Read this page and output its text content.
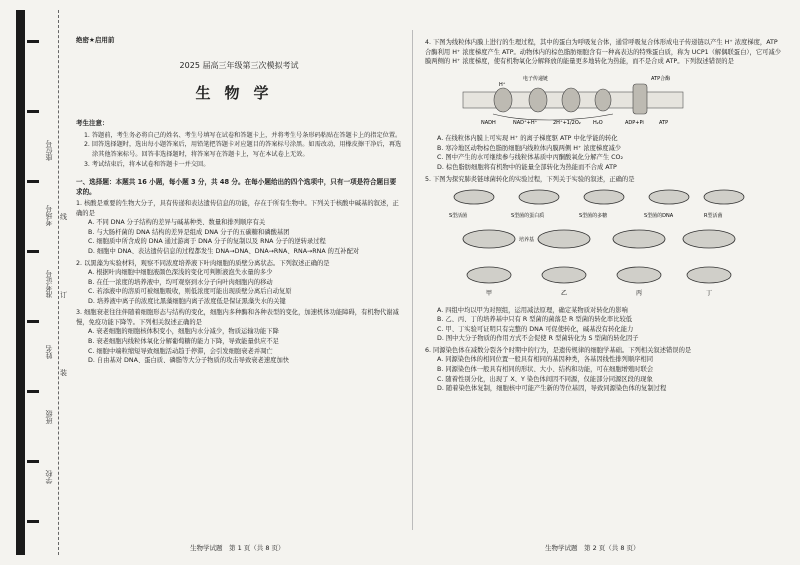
座位号
考场号
准考证号
姓名
班级
学校
线
订
装
绝密★启用前
2025 届高三年级第三次模拟考试
生物学
考生注意：

1. 答题前，考生务必将自己的姓名、考生号填写在试卷和答题卡上，并将考生号条形码粘贴在答题卡上的指定位置。

2. 回答选择题时，选出每小题答案后，用铅笔把答题卡对应题目的答案标号涂黑。如需改动，用橡皮擦干净后，再选涂其他答案标号。回答非选择题时，将答案写在答题卡上，写在本试卷上无效。

3. 考试结束后，将本试卷和答题卡一并交回。

一、选择题：本题共 16 小题，每小题 3 分，共 48 分。在每小题给出的四个选项中，只有一项是符合题目要求的。
1. 核酸是重要的生物大分子，具有传递和表达遗传信息的功能，存在于所有生物中。下列关于核酸中碱基的叙述，正确的是
A. 不同 DNA 分子结构的差异与碱基种类、数量和排列顺序有关
B. 与大肠杆菌的 DNA 结构的差异是组成 DNA 分子的五碳糖和磷酸基团
C. 细胞质中所含成的 DNA 通过游离于 DNA 分子的复制以及 RNA 分子的逆转录过程
D. 细胞中 DNA、表达遗传信息的过程都发生 DNA→DNA、DNA→RNA、RNA→RNA 的互补配对
2. 以黑藻为实验材料，观察不同浓度培养液下叶肉细胞的质壁分离状态。下列叙述正确的是
A. 根据叶肉细胞中细胞液颜色深浅的变化可判断液泡失水量的多少
B. 在任一浓度的培养液中，均可观察到水分子向叶肉细胞内的移动
C. 若添液中的溶质可被细胞吸收，则低浓度可能出现质壁分离后自动复原
D. 培养液中离子的浓度比黑藻细胞内离子浓度低是保证黑藻失水的关键
3. 细胞衰老往往伴随着细胞形态与结构的变化，细胞内多种酶和各种表型的变化，加速机体功能障碍，有机物代谢减慢，免疫功能下降等。下列相关叙述正确的是
A. 衰老细胞的细胞核体积变小，细胞内水分减少，物质运输功能下降
B. 衰老细胞内线粒体氧化分解葡萄糖的能力下降，导致能量供应不足
C. 细胞中端粒缩短导致细胞活动趋于停滞，会引发细胞衰老并凋亡
D. 自由基对 DNA、蛋白质、磷脂等大分子物质的攻击导致衰老速度加快
4. 下图为线粒体内膜上进行的生理过程，其中的蛋白为呼吸复合体，通常呼吸复合体形成电子传递链以产生 H⁺ 浓度梯度，ATP 合酶利用 H⁺ 浓度梯度产生 ATP。动物体内的棕色脂肪细胞含有一种高表达的特殊蛋白质，称为 UCP1（解偶联蛋白），它可减少膜两侧的 H⁺ 浓度梯度，使有机物氧化分解释放的能量更多地转化为热能，而不是合成 ATP。下列叙述错误的是
NADH	NAD⁺+H⁺	2H⁺+1/2O₂ H₂O	ADP+Pi	ATP
电子传递链	ATP合酶
H⁺
A. 在线粒体内膜上可实现 H⁺ 的离子梯度驱 ATP 中化学能的转化
B. 寒冷地区动物棕色脂肪细胞内线粒体内膜两侧 H⁺ 浓度梯度减少
C. 图中产生的水可继续参与线粒体基质中丙酮酸氧化分解产生 CO₂
D. 棕色脂肪细胞将有机物中的能量全部转化为热能而不合成 ATP
5. 下图为探究肺炎链球菌转化的实验过程，下列关于实验的叙述，正确的是
S型活菌	S型菌的蛋白质	S型菌的多糖	S型菌的DNA	R型活菌
培养基
甲	乙	丙	丁
A. 四组中均以甲为对照组，运用减法原理，确定某物质对转化的影响
B. 乙、丙、丁的培养基中只有 R 型菌的菌落是 R 型菌的转化率比较低
C. 甲、丁实验可证明只有完整的 DNA 可促使转化，碱基没有转化能力
D. 图中大分子物质的作用方式不会促使 R 型菌转化为 S 型菌的转化因子
6. 同源染色体在减数分裂各个时期中的行为，是遗传规律的细胞学基础。下列相关叙述错误的是
A. 同源染色体的相同位置一般具有相同的基因种类，各基因线性排列顺序相同
B. 同源染色体一般具有相同的形状、大小、结构和功能，可在细胞增殖时联会
C. 随着性别分化，出现了 X、Y 染色体间因不同源，仅能部分同源区段的现象
D. 随着染色体复制，细胞核中可能产生新的等位基因，导致同源染色体的复制过程
生物学试题　第 1 页（共 8 页）	生物学试题　第 2 页（共 8 页）
